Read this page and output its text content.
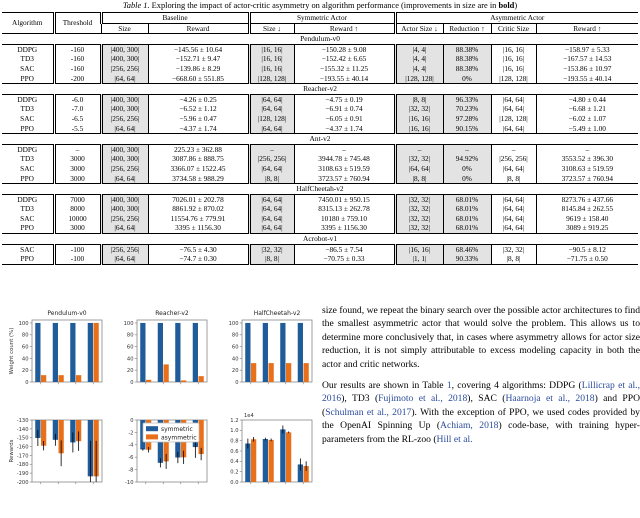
Table 1. Exploring the impact of actor-critic asymmetry on algorithm performance (improvements in size are in bold)
Algorithm	Threshold	Baseline		Symmetric Actor		Asymmetric Actor			
		Size	Reward	Size ↓	Reward ↑	Actor Size ↓	Reduction ↑	Critic Size	Reward ↑
Pendulum-v0									
DDPG	-160	|400, 300|	−145.56 ± 10.64	|16, 16|	−150.28 ± 9.08	|4, 4|	88.38%	|16, 16|	−158.97 ± 5.33
TD3	-160	|400, 300|	−152.71 ± 9.47	|16, 16|	−152.42 ± 6.65	|4, 4|	88.38%	|16, 16|	−167.57 ± 14.53
SAC	-160	|256, 256|	−139.86 ± 8.29	|16, 16|	−155.32 ± 11.25	|4, 4|	88.38%	|16, 16|	−153.86 ± 10.97
PPO	-200	|64, 64|	−668.60 ± 551.85	|128, 128|	−193.55 ± 40.14	|128, 128|	0%	|128, 128|	−193.55 ± 40.14
Reacher-v2									
DDPG	-6.0	|400, 300|	−4.26 ± 0.25	|64, 64|	−4.75 ± 0.19	|8, 8|	96.33%	|64, 64|	−4.80 ± 0.44
TD3	-7.0	|400, 300|	−6.52 ± 1.12	|64, 64|	−6.91 ± 0.74	|32, 32|	70.23%	|64, 64|	−6.68 ± 1.21
SAC	-6.5	|256, 256|	−5.96 ± 0.47	|128, 128|	−6.05 ± 0.91	|16, 16|	97.28%	|128, 128|	−6.02 ± 1.07
PPO	-5.5	|64, 64|	−4.37 ± 1.74	|64, 64|	−4.37 ± 1.74	|16, 16|	90.15%	|64, 64|	−5.49 ± 1.00
Ant-v2									
DDPG	–	|400, 300|	225.23 ± 362.88	–	–	–	–	–	–
TD3	3000	|400, 300|	3087.86 ± 888.75	|256, 256|	3944.78 ± 745.48	|32, 32|	94.92%	|256, 256|	3553.52 ± 396.30
SAC	3000	|256, 256|	3366.07 ± 1522.45	|64, 64|	3108.63 ± 519.59	|64, 64|	0%	|64, 64|	3108.63 ± 519.59
PPO	3000	|64, 64|	3734.58 ± 988.29	|8, 8|	3723.57 ± 760.94	|8, 8|	0%	|8, 8|	3723.57 ± 760.94
HalfCheetah-v2									
DDPG	7000	|400, 300|	7026.01 ± 202.78	|64, 64|	7450.01 ± 950.15	|32, 32|	68.01%	|64, 64|	8273.76 ± 437.66
TD3	8000	|400, 300|	8861.92 ± 870.02	|64, 64|	8315.13 ± 262.78	|32, 32|	68.01%	|64, 64|	8145.84 ± 262.55
SAC	10000	|256, 256|	11554.76 ± 779.91	|64, 64|	10180 ± 759.10	|32, 32|	68.01%	|64, 64|	9619 ± 158.40
PPO	3000	|64, 64|	3395 ± 1156.30	|64, 64|	3395 ± 1156.30	|32, 32|	68.01%	|64, 64|	3089 ± 919.25
Acrobot-v1									
SAC	-100	|256, 256|	−76.5 ± 4.30	|32, 32|	−86.5 ± 7.54	|16, 16|	68.46%	|32, 32|	−90.5 ± 8.12
PPO	-100	|64, 64|	−74.7 ± 0.30	|8, 8|	−70.75 ± 0.33	|1, 1|	90.33%	|8, 8|	−71.75 ± 0.50
Pendulum-v0
0
20
40
60
80
100
Weight count (%)
Reacher-v2
0
20
40
60
80
100
HalfCheetah-v2
0
20
40
60
80
100
-200
-190
-180
-170
-160
-150
-140
-130
Rewards
-10
-8
-6
-4
-2
0
1e4
0.0
0.2
0.4
0.6
0.8
1.0
1.2
symmetric
asymmetric

size found, we repeat the binary search over the possible actor architectures to find the smallest asymmetric actor that would solve the problem. This allows us to determine more conclusively that, in cases where asymmetry allows for actor size reduction, it is not simply attributable to excess modeling capacity in both the actor and critic networks.

Our results are shown in Table 1, covering 4 algorithms: DDPG (Lillicrap et al., 2016), TD3 (Fujimoto et al., 2018), SAC (Haarnoja et al., 2018) and PPO (Schulman et al., 2017). With the exception of PPO, we used codes provided by the OpenAI Spinning Up (Achiam, 2018) code-base, with training hyper-parameters from the RL-zoo (Hill et al.
